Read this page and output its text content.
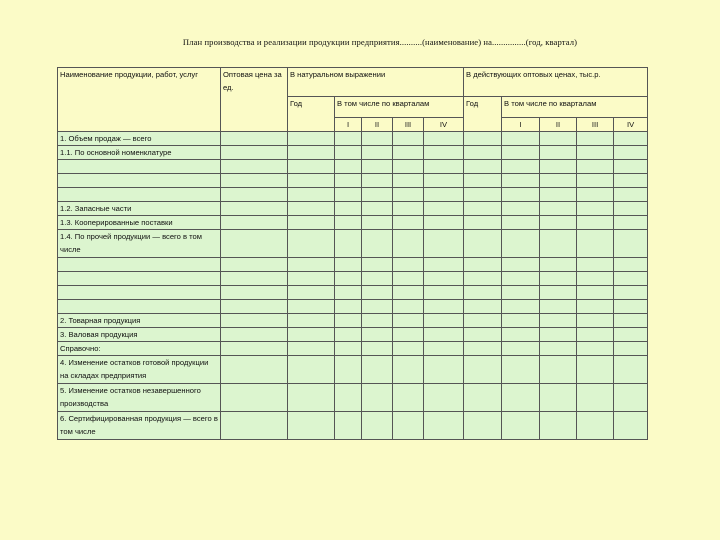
План производства и реализации продукции предприятия..........(наименование) на...............(год, квартал)
Наименование продукции, работ, услуг	Оптовая цена за ед.	В натуральном выражении					В действующих оптовых ценах, тыс.р.				
		Год	В том числе по кварталам				Год	В том числе по кварталам			
			I	II	III	IV		I	II	III	IV
1. Объем продаж — всего											
1.1. По основной номенклатуре											

1.2. Запасные части											
1.3. Кооперированные поставки											
1.4. По прочей продукции — всего в том числе											

2. Товарная продукция											
3. Валовая продукция											
Справочно:											
4. Изменение остатков готовой продукции на складах предприятия											
5. Изменение остатков незавершенного производства											
6. Сертифицированная продукция — всего в том числе											
